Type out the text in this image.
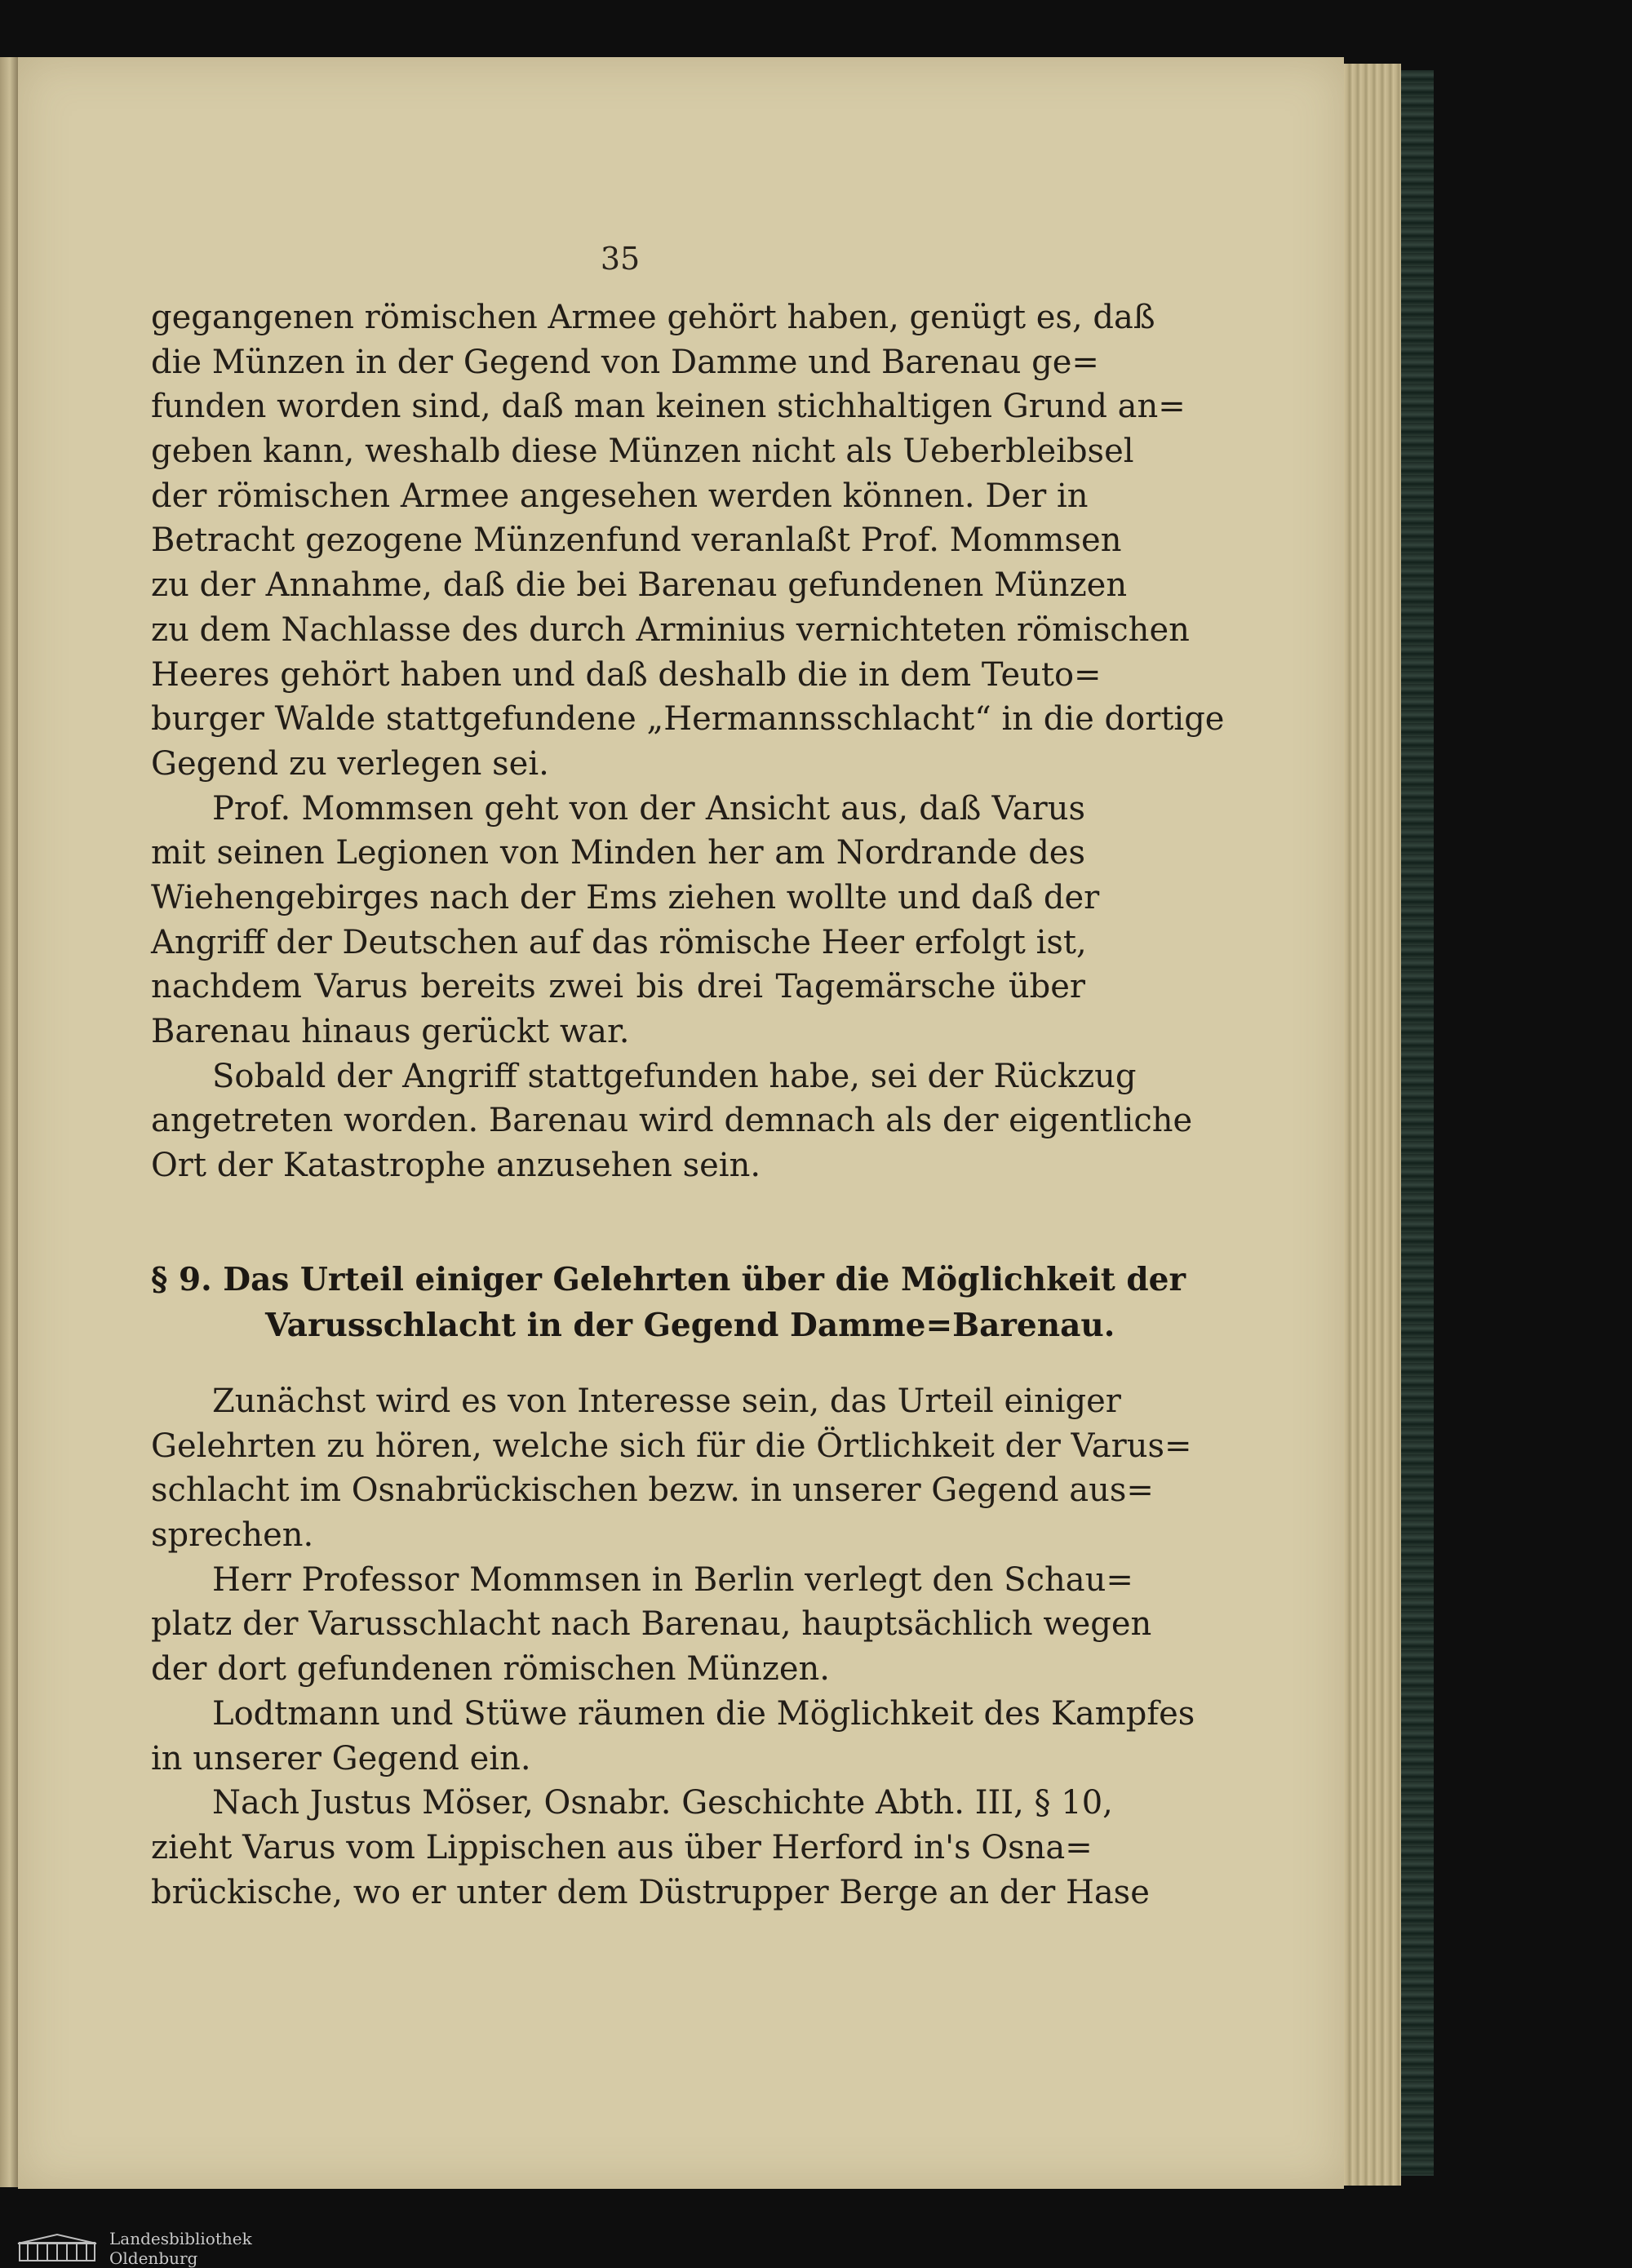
35
gegangenen römischen Armee gehört haben, genügt es, daß
die Münzen in der Gegend von Damme und Barenau ge=
funden worden sind, daß man keinen stichhaltigen Grund an=
geben kann, weshalb diese Münzen nicht als Ueberbleibsel
der römischen Armee angesehen werden können. Der in
Betracht gezogene Münzenfund veranlaßt Prof. Mommsen
zu der Annahme, daß die bei Barenau gefundenen Münzen
zu dem Nachlasse des durch Arminius vernichteten römischen
Heeres gehört haben und daß deshalb die in dem Teuto=
burger Walde stattgefundene „Hermannsschlacht“ in die dortige
Gegend zu verlegen sei.
Prof. Mommsen geht von der Ansicht aus, daß Varus
mit seinen Legionen von Minden her am Nordrande des
Wiehengebirges nach der Ems ziehen wollte und daß der
Angriff der Deutschen auf das römische Heer erfolgt ist,
nachdem Varus bereits zwei bis drei Tagemärsche über
Barenau hinaus gerückt war.
Sobald der Angriff stattgefunden habe, sei der Rückzug
angetreten worden. Barenau wird demnach als der eigentliche
Ort der Katastrophe anzusehen sein.
§ 9. Das Urteil einiger Gelehrten über die Möglichkeit der
Varusschlacht in der Gegend Damme=Barenau.
Zunächst wird es von Interesse sein, das Urteil einiger
Gelehrten zu hören, welche sich für die Örtlichkeit der Varus=
schlacht im Osnabrückischen bezw. in unserer Gegend aus=
sprechen.
Herr Professor Mommsen in Berlin verlegt den Schau=
platz der Varusschlacht nach Barenau, hauptsächlich wegen
der dort gefundenen römischen Münzen.
Lodtmann und Stüwe räumen die Möglichkeit des Kampfes
in unserer Gegend ein.
Nach Justus Möser, Osnabr. Geschichte Abth. III, § 10,
zieht Varus vom Lippischen aus über Herford in's Osna=
brückische, wo er unter dem Düstrupper Berge an der Hase
Landesbibliothek Oldenburg
